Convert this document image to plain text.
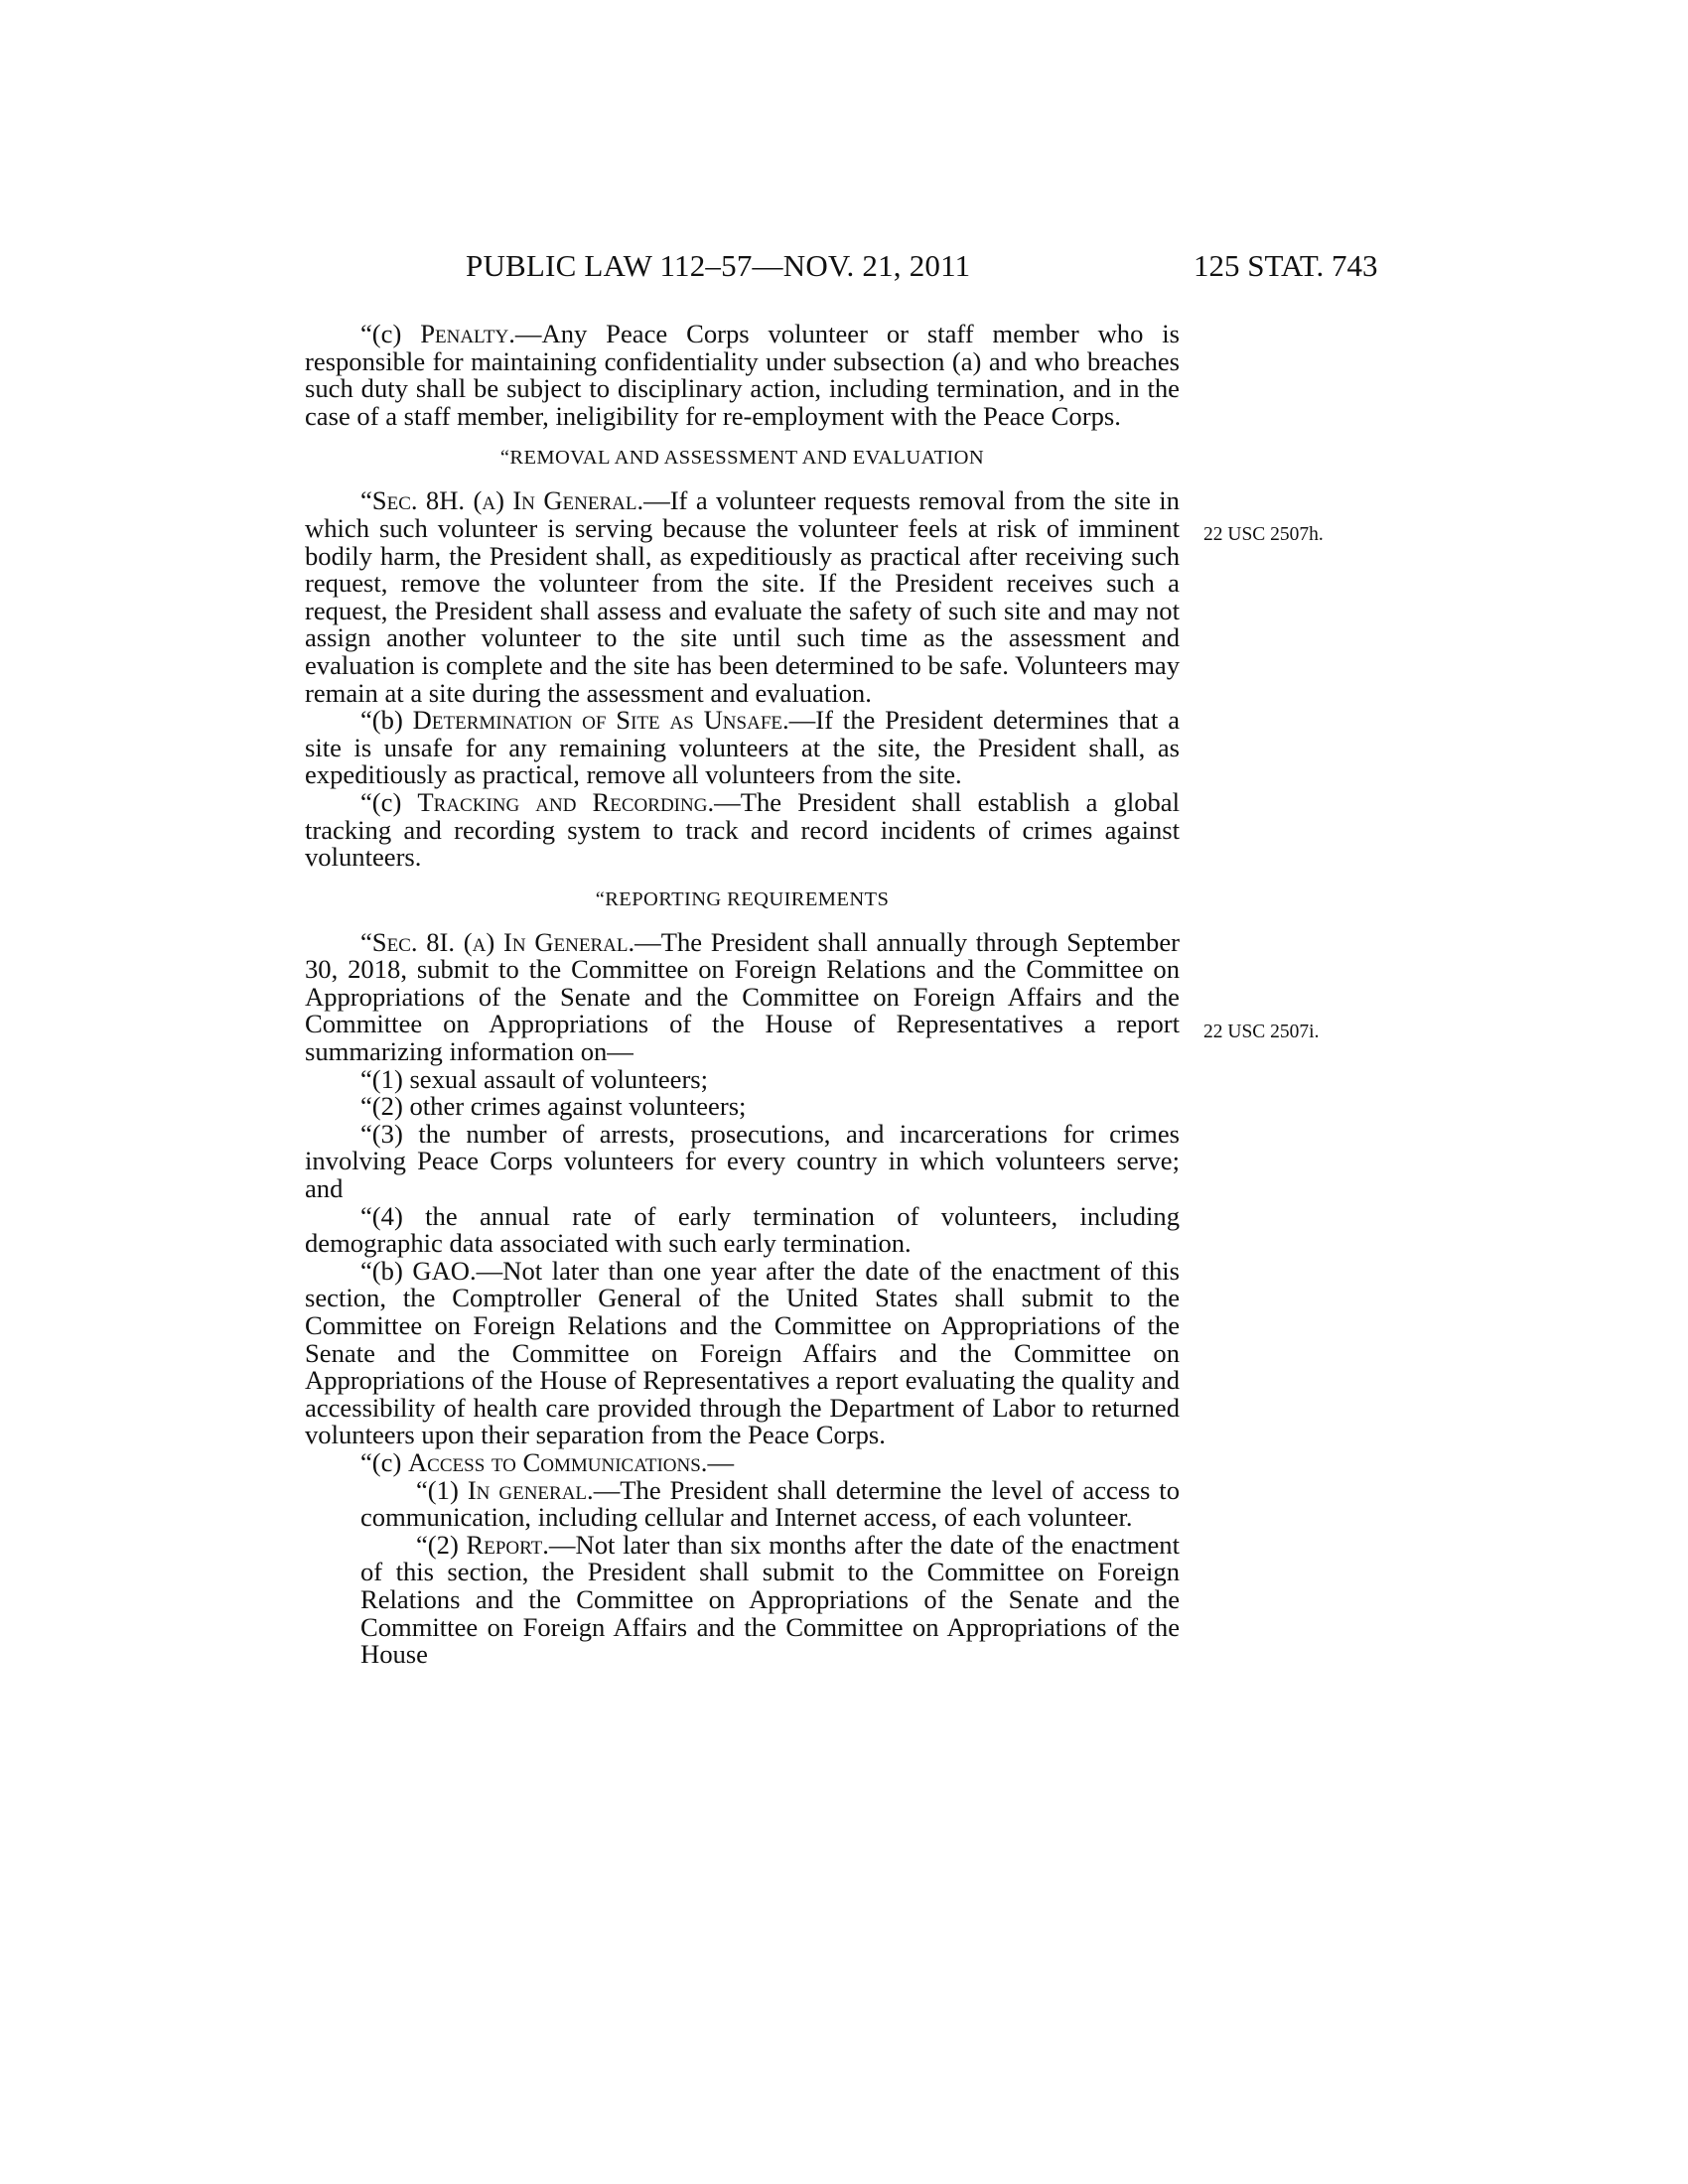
PUBLIC LAW 112–57—NOV. 21, 2011	125 STAT. 743
22 USC 2507h.
22 USC 2507i.

“(c) Penalty.—Any Peace Corps volunteer or staff member who is responsible for maintaining confidentiality under subsection (a) and who breaches such duty shall be subject to disciplinary action, including termination, and in the case of a staff member, ineligibility for re-employment with the Peace Corps.

“REMOVAL AND ASSESSMENT AND EVALUATION

“Sec. 8H. (a) In General.—If a volunteer requests removal from the site in which such volunteer is serving because the volunteer feels at risk of imminent bodily harm, the President shall, as expeditiously as practical after receiving such request, remove the volunteer from the site. If the President receives such a request, the President shall assess and evaluate the safety of such site and may not assign another volunteer to the site until such time as the assessment and evaluation is complete and the site has been determined to be safe. Volunteers may remain at a site during the assessment and evaluation.

“(b) Determination of Site as Unsafe.—If the President determines that a site is unsafe for any remaining volunteers at the site, the President shall, as expeditiously as practical, remove all volunteers from the site.

“(c) Tracking and Recording.—The President shall establish a global tracking and recording system to track and record incidents of crimes against volunteers.

“REPORTING REQUIREMENTS

“Sec. 8I. (a) In General.—The President shall annually through September 30, 2018, submit to the Committee on Foreign Relations and the Committee on Appropriations of the Senate and the Committee on Foreign Affairs and the Committee on Appropriations of the House of Representatives a report summarizing information on—

“(1) sexual assault of volunteers;

“(2) other crimes against volunteers;

“(3) the number of arrests, prosecutions, and incarcerations for crimes involving Peace Corps volunteers for every country in which volunteers serve; and

“(4) the annual rate of early termination of volunteers, including demographic data associated with such early termination.

“(b) GAO.—Not later than one year after the date of the enactment of this section, the Comptroller General of the United States shall submit to the Committee on Foreign Relations and the Committee on Appropriations of the Senate and the Committee on Foreign Affairs and the Committee on Appropriations of the House of Representatives a report evaluating the quality and accessibility of health care provided through the Department of Labor to returned volunteers upon their separation from the Peace Corps.

“(c) Access to Communications.—

“(1) In general.—The President shall determine the level of access to communication, including cellular and Internet access, of each volunteer.

“(2) Report.—Not later than six months after the date of the enactment of this section, the President shall submit to the Committee on Foreign Relations and the Committee on Appropriations of the Senate and the Committee on Foreign Affairs and the Committee on Appropriations of the House
